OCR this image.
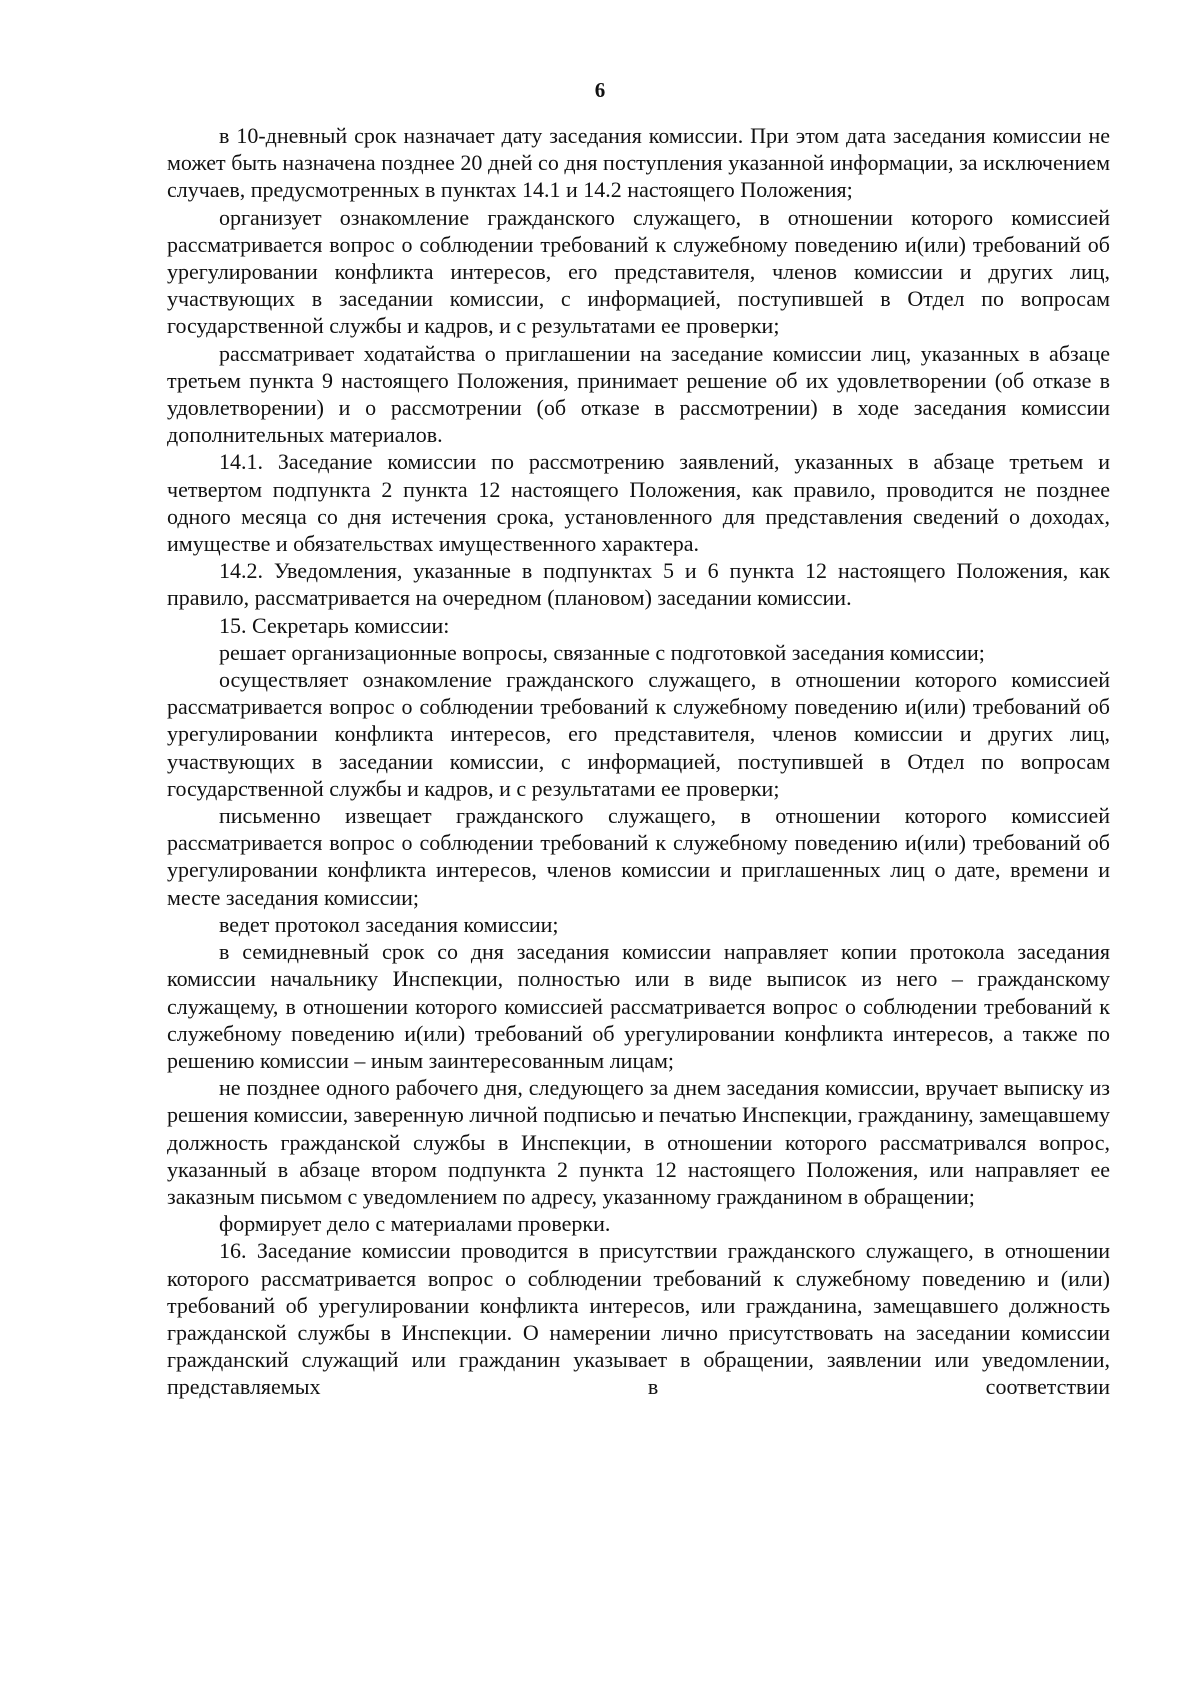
6

в 10-дневный срок назначает дату заседания комиссии. При этом дата заседания комиссии не может быть назначена позднее 20 дней со дня поступления указанной информации, за исключением случаев, предусмотренных в пунктах 14.1 и 14.2 настоящего Положения;

организует ознакомление гражданского служащего, в отношении которого комиссией рассматривается вопрос о соблюдении требований к служебному поведению и(или) требований об урегулировании конфликта интересов, его представителя, членов комиссии и других лиц, участвующих в заседании комиссии, с информацией, поступившей в Отдел по вопросам государственной службы и кадров, и с результатами ее проверки;

рассматривает ходатайства о приглашении на заседание комиссии лиц, указанных в абзаце третьем пункта 9 настоящего Положения, принимает решение об их удовлетворении (об отказе в удовлетворении) и о рассмотрении (об отказе в рассмотрении) в ходе заседания комиссии дополнительных материалов.

14.1. Заседание комиссии по рассмотрению заявлений, указанных в абзаце третьем и четвертом подпункта 2 пункта 12 настоящего Положения, как правило, проводится не позднее одного месяца со дня истечения срока, установленного для представления сведений о доходах, имуществе и обязательствах имущественного характера.

14.2. Уведомления, указанные в подпунктах 5 и 6 пункта 12 настоящего Положения, как правило, рассматривается на очередном (плановом) заседании комиссии.

15. Секретарь комиссии:

решает организационные вопросы, связанные с подготовкой заседания комиссии;

осуществляет ознакомление гражданского служащего, в отношении которого комиссией рассматривается вопрос о соблюдении требований к служебному поведению и(или) требований об урегулировании конфликта интересов, его представителя, членов комиссии и других лиц, участвующих в заседании комиссии, с информацией, поступившей в Отдел по вопросам государственной службы и кадров, и с результатами ее проверки;

письменно извещает гражданского служащего, в отношении которого комиссией рассматривается вопрос о соблюдении требований к служебному поведению и(или) требований об урегулировании конфликта интересов, членов комиссии и приглашенных лиц о дате, времени и месте заседания комиссии;

ведет протокол заседания комиссии;

в семидневный срок со дня заседания комиссии направляет копии протокола заседания комиссии начальнику Инспекции, полностью или в виде выписок из него – гражданскому служащему, в отношении которого комиссией рассматривается вопрос о соблюдении требований к служебному поведению и(или) требований об урегулировании конфликта интересов, а также по решению комиссии – иным заинтересованным лицам;

не позднее одного рабочего дня, следующего за днем заседания комиссии, вручает выписку из решения комиссии, заверенную личной подписью и печатью Инспекции, гражданину, замещавшему должность гражданской службы в Инспекции, в отношении которого рассматривался вопрос, указанный в абзаце втором подпункта 2 пункта 12 настоящего Положения, или направляет ее заказным письмом с уведомлением по адресу, указанному гражданином в обращении;

формирует дело с материалами проверки.

16. Заседание комиссии проводится в присутствии гражданского служащего, в отношении которого рассматривается вопрос о соблюдении требований к служебному поведению и (или) требований об урегулировании конфликта интересов, или гражданина, замещавшего должность гражданской службы в Инспекции. О намерении лично присутствовать на заседании комиссии гражданский служащий или гражданин указывает в обращении, заявлении или уведомлении, представляемых в соответствии
